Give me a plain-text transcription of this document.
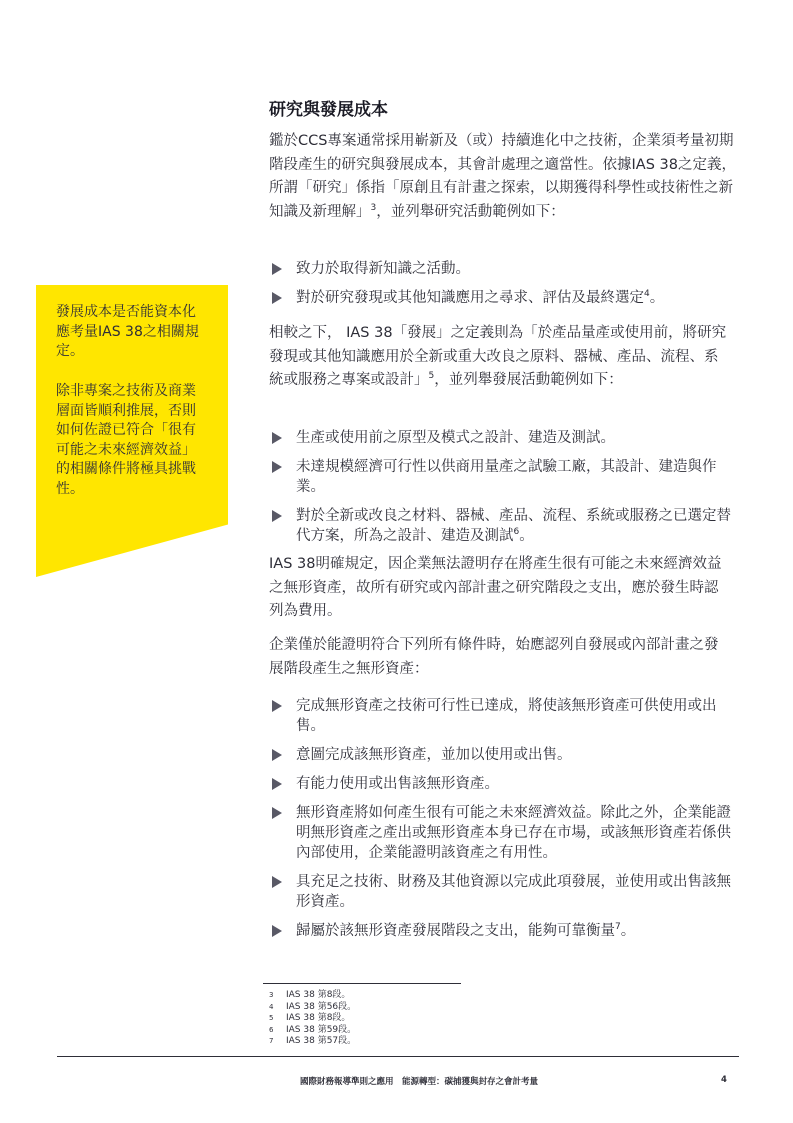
發展成本是否能資本化應考量IAS 38之相關規定。

除非專案之技術及商業層面皆順利推展，否則如何佐證已符合「很有可能之未來經濟效益」的相關條件將極具挑戰性。

研究與發展成本

鑑於CCS專案通常採用嶄新及（或）持續進化中之技術，企業須考量初期階段產生的研究與發展成本，其會計處理之適當性。依據IAS 38之定義，所謂「研究」係指「原創且有計畫之探索，以期獲得科學性或技術性之新知識及新理解」$^3$，並列舉研究活動範例如下：

致力於取得新知識之活動。
對於研究發現或其他知識應用之尋求、評估及最終選定$^4$。

相較之下， IAS 38「發展」之定義則為「於產品量產或使用前，將研究發現或其他知識應用於全新或重大改良之原料、器械、產品、流程、系統或服務之專案或設計」$^5$，並列舉發展活動範例如下：

生產或使用前之原型及模式之設計、建造及測試。
未達規模經濟可行性以供商用量產之試驗工廠，其設計、建造與作業。
對於全新或改良之材料、器械、產品、流程、系統或服務之已選定替代方案，所為之設計、建造及測試$^6$。

IAS 38明確規定，因企業無法證明存在將產生很有可能之未來經濟效益之無形資產，故所有研究或內部計畫之研究階段之支出，應於發生時認列為費用。

企業僅於能證明符合下列所有條件時，始應認列自發展或內部計畫之發展階段產生之無形資產：

完成無形資產之技術可行性已達成，將使該無形資產可供使用或出售。
意圖完成該無形資產，並加以使用或出售。
有能力使用或出售該無形資產。
無形資產將如何產生很有可能之未來經濟效益。除此之外，企業能證明無形資產之產出或無形資產本身已存在市場，或該無形資產若係供內部使用，企業能證明該資產之有用性。
具充足之技術、財務及其他資源以完成此項發展，並使用或出售該無形資產。
歸屬於該無形資產發展階段之支出，能夠可靠衡量$^7$。
3 IAS 38 第8段。
4 IAS 38 第56段。
5 IAS 38 第8段。
6 IAS 38 第59段。
7 IAS 38 第57段。

國際財務報導準則之應用　能源轉型：碳捕獲與封存之會計考量	4
